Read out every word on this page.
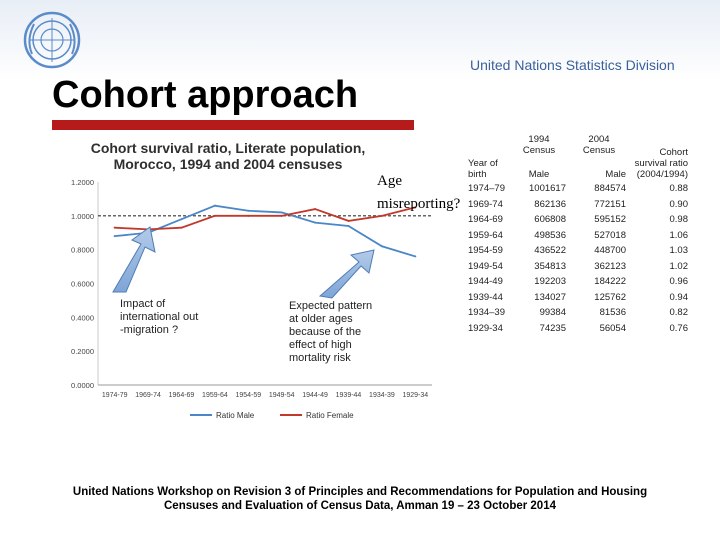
United Nations Statistics Division
Cohort approach
Cohort survival ratio, Literate population,
Morocco, 1994 and 2004 censuses
0.0000
0.2000
0.4000
0.6000
0.8000
1.0000
1.2000
1974-79 1969-74 1964-69 1959-64 1954-59 1949-54 1944-49 1939-44 1934-39 1929-34
Ratio Male	Ratio Female
Age
misreporting?
Impact of
international out
-migration ?
Expected pattern
at older ages
because of the
effect of high
mortality risk
	1994 Census	2004 Census	Cohort survival ratio (2004/1994)
Year of birth	Male	Male	
1974–79	1001617	884574	0.88
1969-74	862136	772151	0.90
1964-69	606808	595152	0.98
1959-64	498536	527018	1.06
1954-59	436522	448700	1.03
1949-54	354813	362123	1.02
1944-49	192203	184222	0.96
1939-44	134027	125762	0.94
1934–39	99384	81536	0.82
1929-34	74235	56054	0.76
United Nations Workshop on Revision 3 of Principles and Recommendations for Population and Housing
Censuses and Evaluation of Census Data, Amman 19 – 23 October 2014
